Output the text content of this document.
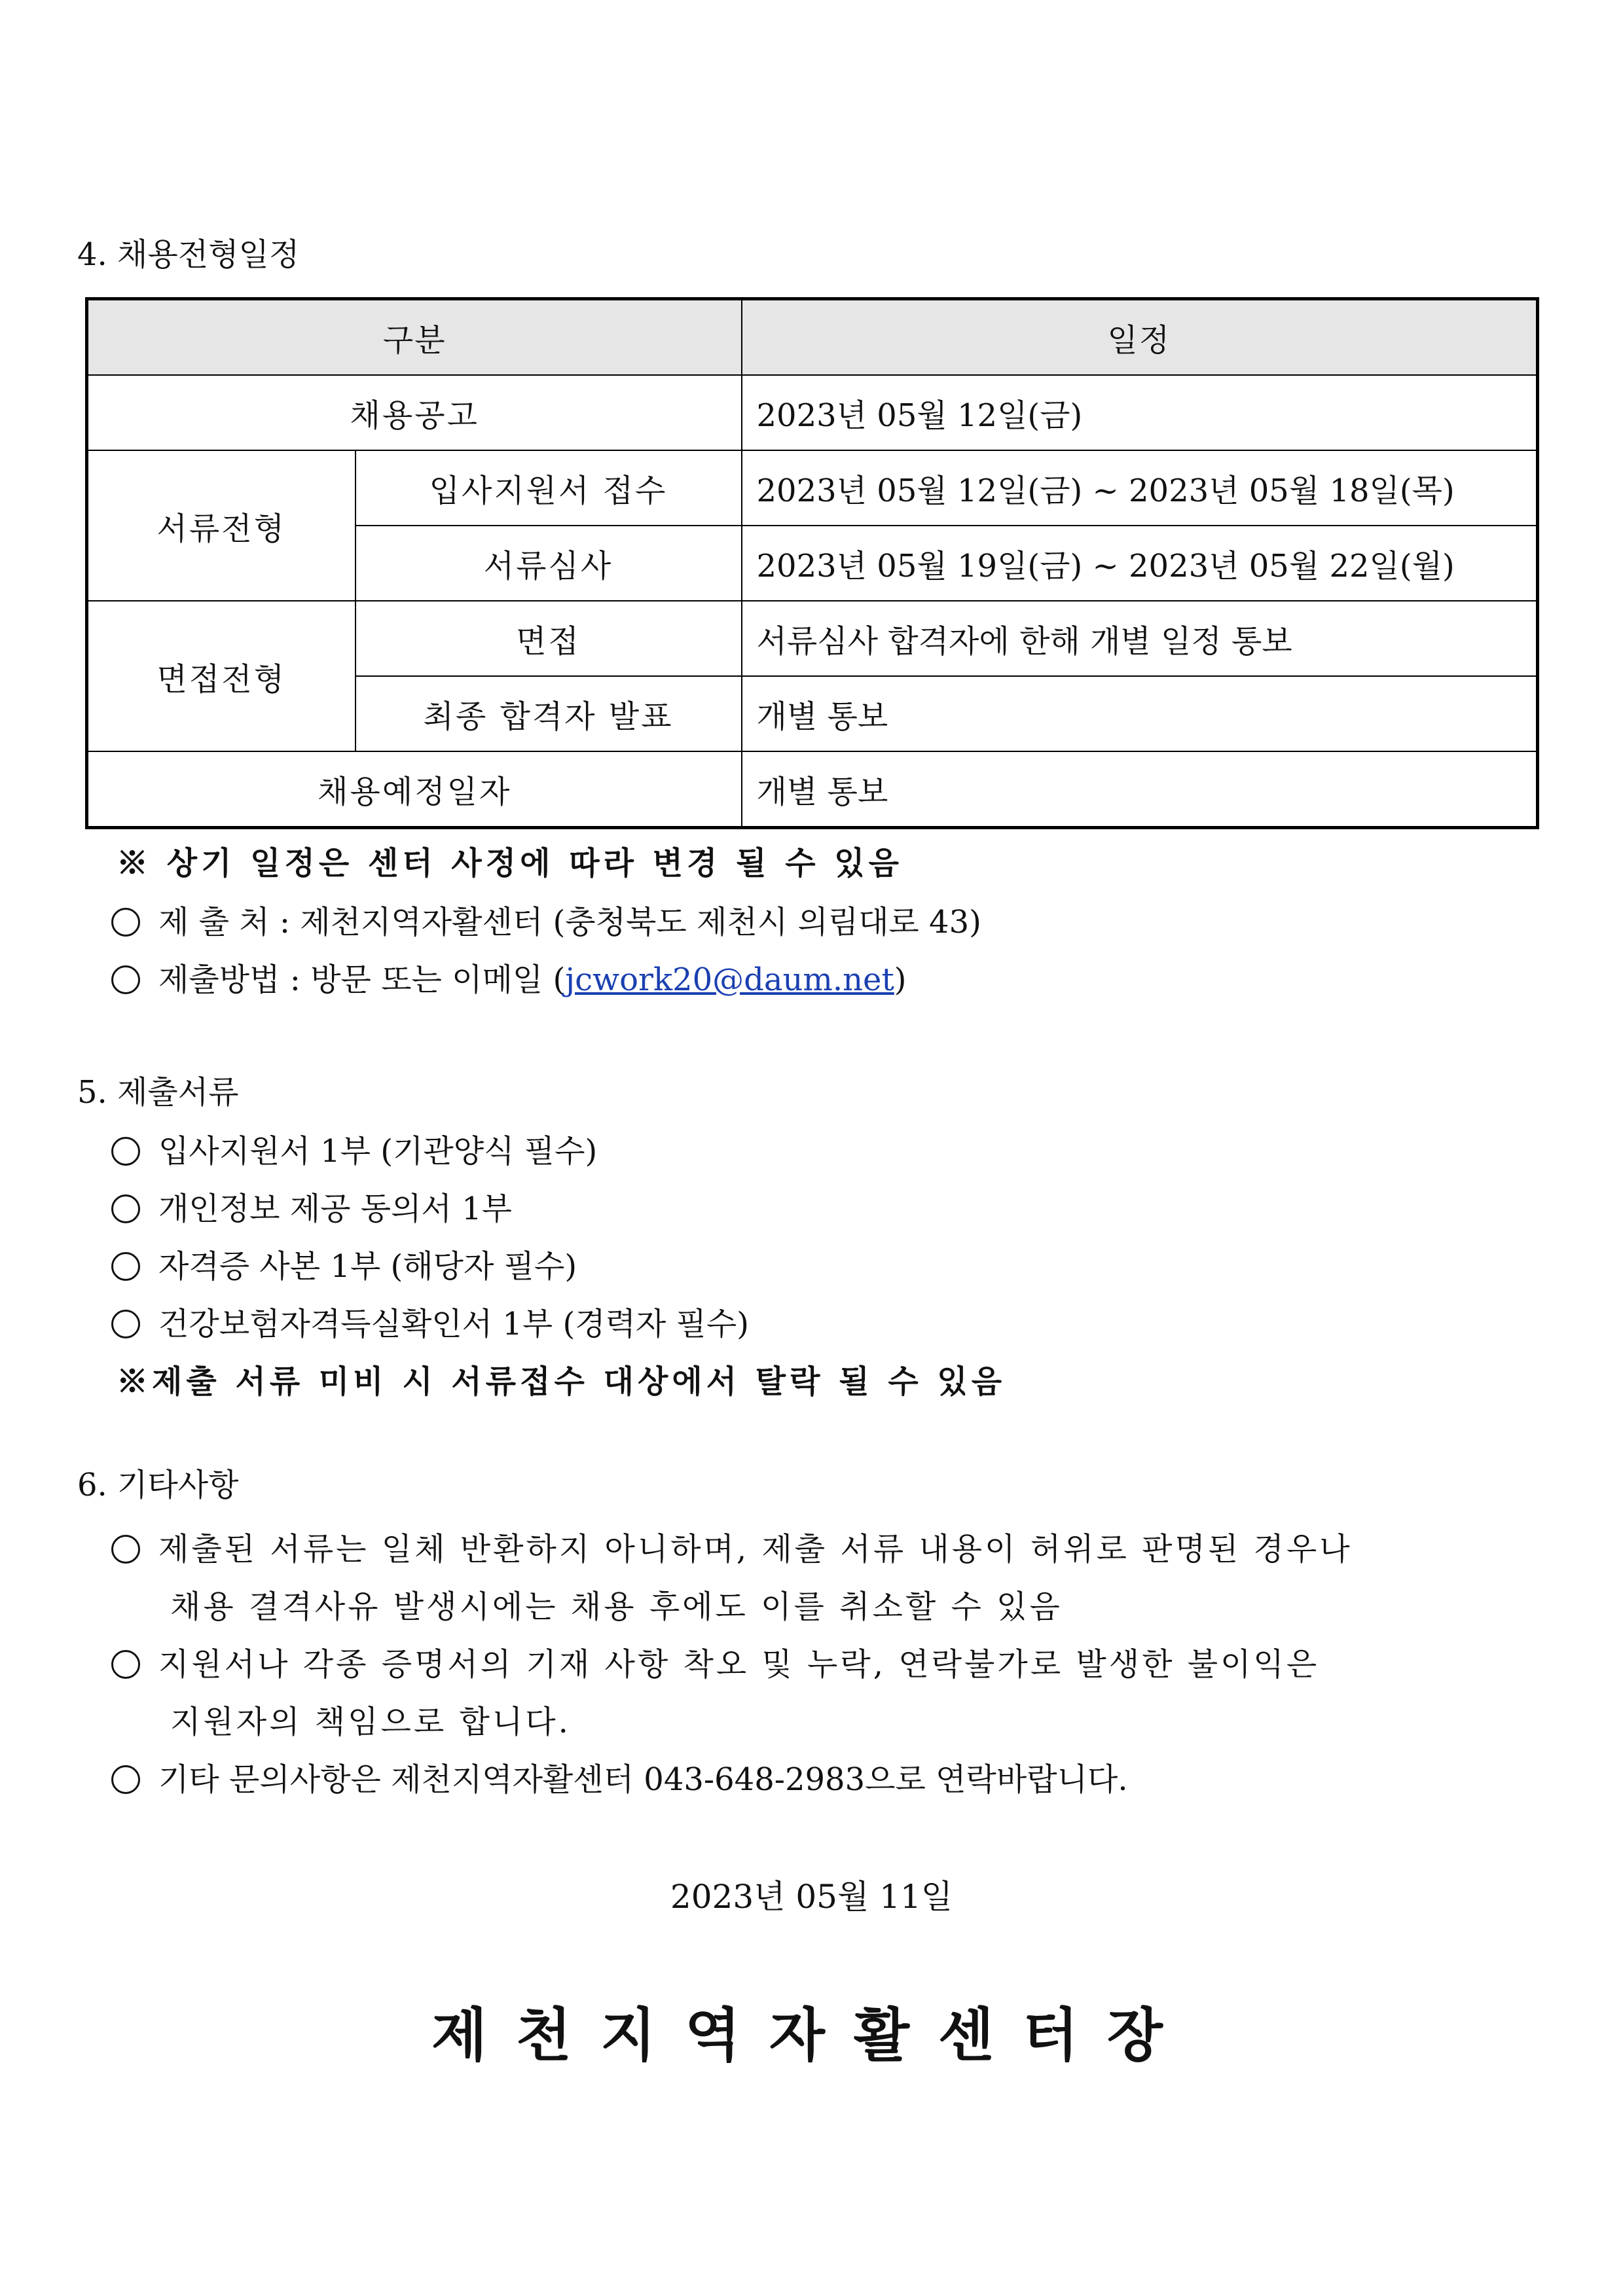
4. 채용전형일정
구분		일정
채용공고		2023년 05월 12일(금)
서류전형	입사지원서 접수	2023년 05월 12일(금) ~ 2023년 05월 18일(목)
	서류심사	2023년 05월 19일(금) ~ 2023년 05월 22일(월)
면접전형	면접	서류심사 합격자에 한해 개별 일정 통보
	최종 합격자 발표	개별 통보
채용예정일자		개별 통보
※ 상기 일정은 센터 사정에 따라 변경 될 수 있음
제 출 처 : 제천지역자활센터 (충청북도 제천시 의림대로 43)
제출방법 : 방문 또는 이메일 (jcwork20@daum.net)
5. 제출서류
입사지원서 1부 (기관양식 필수)
개인정보 제공 동의서 1부
자격증 사본 1부 (해당자 필수)
건강보험자격득실확인서 1부 (경력자 필수)
※제출 서류 미비 시 서류접수 대상에서 탈락 될 수 있음
6. 기타사항
제출된 서류는 일체 반환하지 아니하며, 제출 서류 내용이 허위로 판명된 경우나
채용 결격사유 발생시에는 채용 후에도 이를 취소할 수 있음
지원서나 각종 증명서의 기재 사항 착오 및 누락, 연락불가로 발생한 불이익은
지원자의 책임으로 합니다.
기타 문의사항은 제천지역자활센터 043-648-2983으로 연락바랍니다.
2023년 05월 11일
제천지역자활센터장
